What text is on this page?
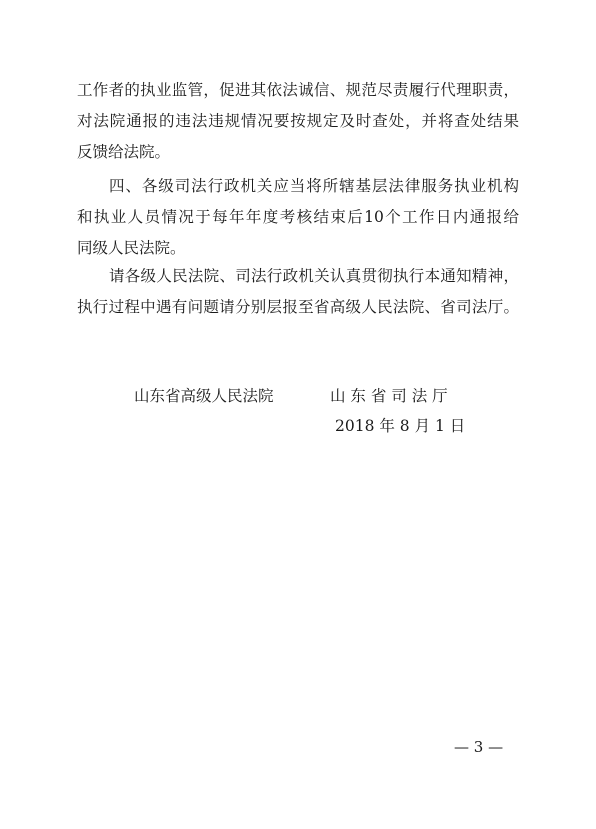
工作者的执业监管，促进其依法诚信、规范尽责履行代理职责，
对法院通报的违法违规情况要按规定及时查处，并将查处结果
反馈给法院。
四、各级司法行政机关应当将所辖基层法律服务执业机构
和执业人员情况于每年年度考核结束后10个工作日内通报给
同级人民法院。
请各级人民法院、司法行政机关认真贯彻执行本通知精神，
执行过程中遇有问题请分别层报至省高级人民法院、省司法厅。
山东省高级人民法院	山 东 省 司 法 厅
2018 年 8 月 1 日
— 3 —
